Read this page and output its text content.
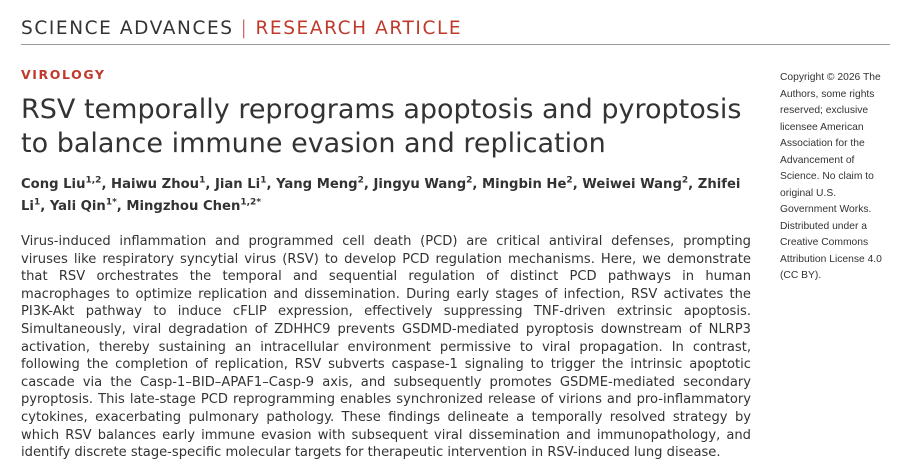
SCIENCE ADVANCES | RESEARCH ARTICLE
VIROLOGY
RSV temporally reprograms apoptosis and pyroptosis to balance immune evasion and replication
Cong Liu$^{1,2}$, Haiwu Zhou$^1$, Jian Li$^1$, Yang Meng$^2$, Jingyu Wang$^2$, Mingbin He$^2$, Weiwei Wang$^2$, Zhifei Li$^1$, Yali Qin$^{1*}$, Mingzhou Chen$^{1,2*}$

Virus-induced inflammation and programmed cell death (PCD) are critical antiviral defenses, prompting viruses like respiratory syncytial virus (RSV) to develop PCD regulation mechanisms. Here, we demonstrate that RSV orchestrates the temporal and sequential regulation of distinct PCD pathways in human macrophages to optimize replication and dissemination. During early stages of infection, RSV activates the PI3K-Akt pathway to induce cFLIP expression, effectively suppressing TNF-driven extrinsic apoptosis. Simultaneously, viral degradation of ZDHHC9 prevents GSDMD-mediated pyroptosis downstream of NLRP3 activation, thereby sustaining an intracellular environment permissive to viral propagation. In contrast, following the completion of replication, RSV subverts caspase-1 signaling to trigger the intrinsic apoptotic cascade via the Casp-1–BID–APAF1–Casp-9 axis, and subsequently promotes GSDME-mediated secondary pyroptosis. This late-stage PCD reprogramming enables synchronized release of virions and pro-inflammatory cytokines, exacerbating pulmonary pathology. These findings delineate a temporally resolved strategy by which RSV balances early immune evasion with subsequent viral dissemination and immunopathology, and identify discrete stage-specific molecular targets for therapeutic intervention in RSV-induced lung disease.

Copyright © 2026 The Authors, some rights reserved; exclusive licensee American Association for the Advancement of Science. No claim to original U.S. Government Works. Distributed under a Creative Commons Attribution License 4.0 (CC BY).
